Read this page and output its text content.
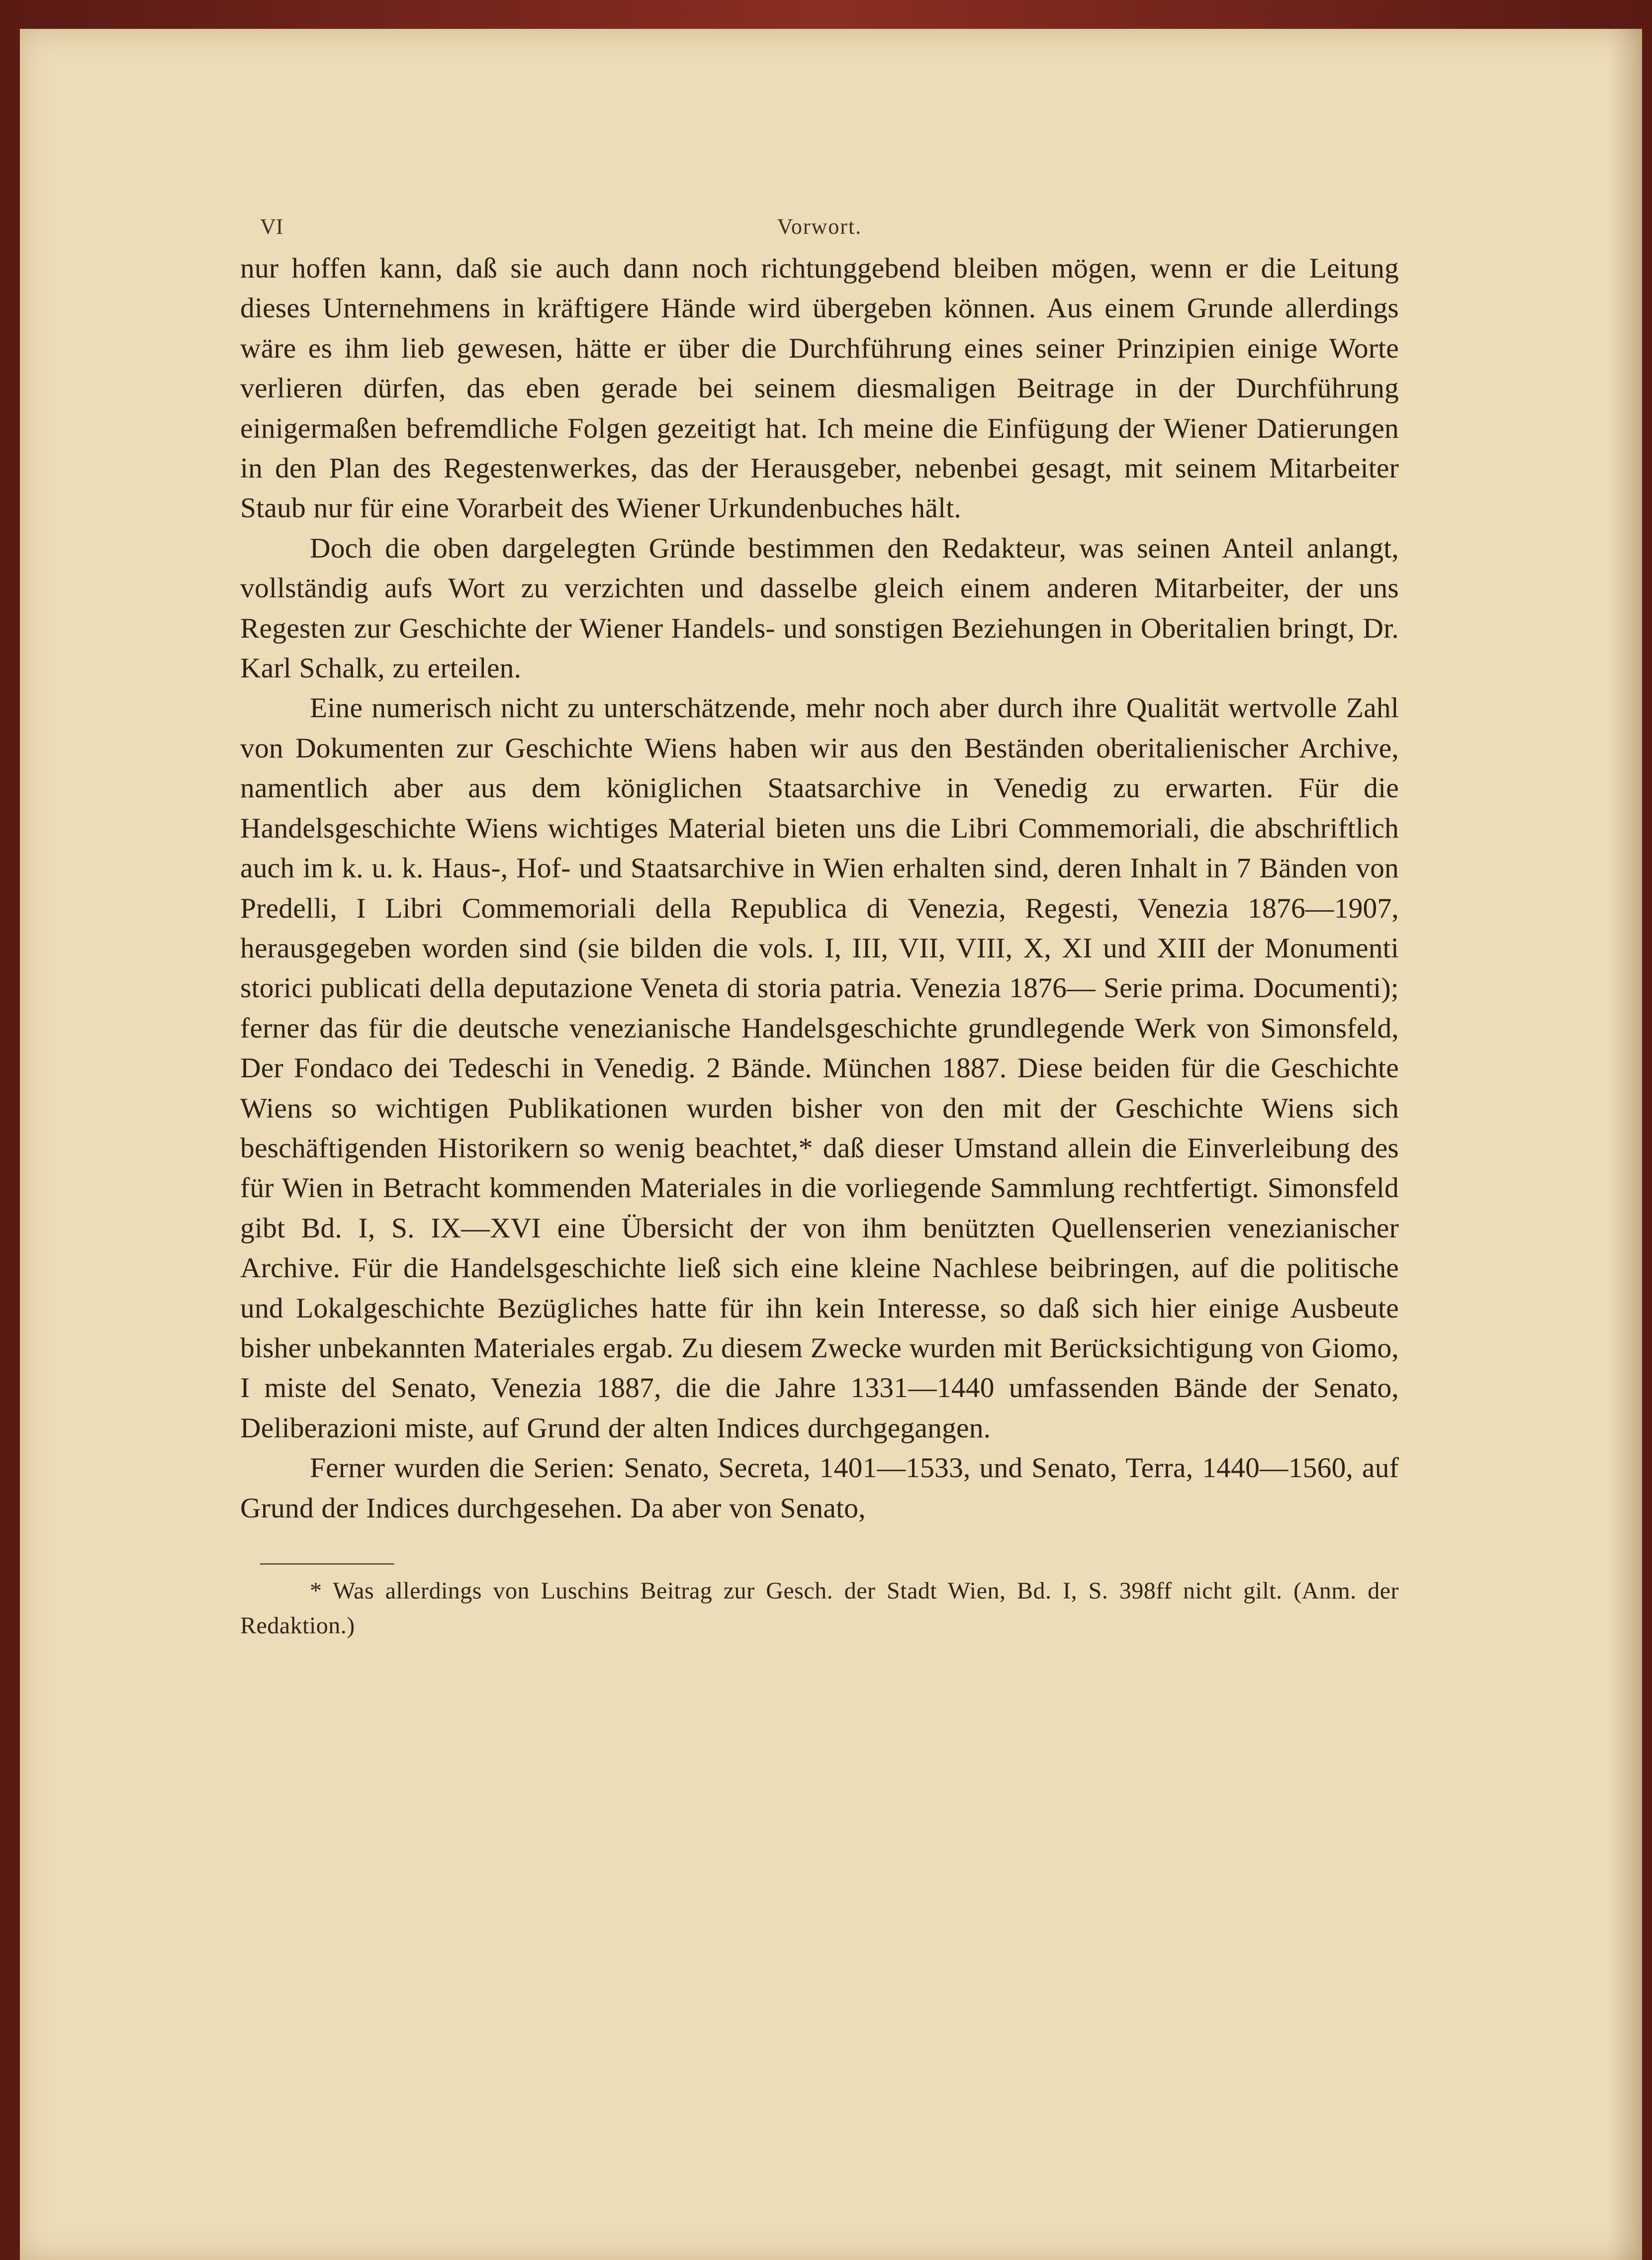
VI	Vorwort.

nur hoffen kann, daß sie auch dann noch richtunggebend bleiben mögen, wenn er die Leitung dieses Unternehmens in kräftigere Hände wird übergeben können. Aus einem Grunde allerdings wäre es ihm lieb gewesen, hätte er über die Durchführung eines seiner Prinzipien einige Worte verlieren dürfen, das eben gerade bei seinem diesmaligen Beitrage in der Durchführung einigermaßen befremdliche Folgen gezeitigt hat. Ich meine die Einfügung der Wiener Datierungen in den Plan des Regestenwerkes, das der Herausgeber, nebenbei gesagt, mit seinem Mitarbeiter Staub nur für eine Vorarbeit des Wiener Urkundenbuches hält.

Doch die oben dargelegten Gründe bestimmen den Redakteur, was seinen Anteil anlangt, vollständig aufs Wort zu verzichten und dasselbe gleich einem anderen Mitarbeiter, der uns Regesten zur Geschichte der Wiener Handels- und sonstigen Beziehungen in Oberitalien bringt, Dr. Karl Schalk, zu erteilen.

Eine numerisch nicht zu unterschätzende, mehr noch aber durch ihre Qualität wertvolle Zahl von Dokumenten zur Geschichte Wiens haben wir aus den Beständen oberitalienischer Archive, namentlich aber aus dem königlichen Staatsarchive in Venedig zu erwarten. Für die Handelsgeschichte Wiens wichtiges Material bieten uns die Libri Commemoriali, die abschriftlich auch im k. u. k. Haus-, Hof- und Staatsarchive in Wien erhalten sind, deren Inhalt in 7 Bänden von Predelli, I Libri Commemoriali della Republica di Venezia, Regesti, Venezia 1876—1907, herausgegeben worden sind (sie bilden die vols. I, III, VII, VIII, X, XI und XIII der Monumenti storici publicati della deputazione Veneta di storia patria. Venezia 1876— Serie prima. Documenti); ferner das für die deutsche venezianische Handelsgeschichte grundlegende Werk von Simonsfeld, Der Fondaco dei Tedeschi in Venedig. 2 Bände. München 1887. Diese beiden für die Geschichte Wiens so wichtigen Publikationen wurden bisher von den mit der Geschichte Wiens sich beschäftigenden Historikern so wenig beachtet,* daß dieser Umstand allein die Einverleibung des für Wien in Betracht kommenden Materiales in die vorliegende Sammlung rechtfertigt. Simonsfeld gibt Bd. I, S. IX—XVI eine Übersicht der von ihm benützten Quellenserien venezianischer Archive. Für die Handelsgeschichte ließ sich eine kleine Nachlese beibringen, auf die politische und Lokalgeschichte Bezügliches hatte für ihn kein Interesse, so daß sich hier einige Ausbeute bisher unbekannten Materiales ergab. Zu diesem Zwecke wurden mit Berücksichtigung von Giomo, I miste del Senato, Venezia 1887, die die Jahre 1331—1440 umfassenden Bände der Senato, Deliberazioni miste, auf Grund der alten Indices durchgegangen.

Ferner wurden die Serien: Senato, Secreta, 1401—1533, und Senato, Terra, 1440—1560, auf Grund der Indices durchgesehen. Da aber von Senato,

* Was allerdings von Luschins Beitrag zur Gesch. der Stadt Wien, Bd. I, S. 398ff nicht gilt. (Anm. der Redaktion.)
